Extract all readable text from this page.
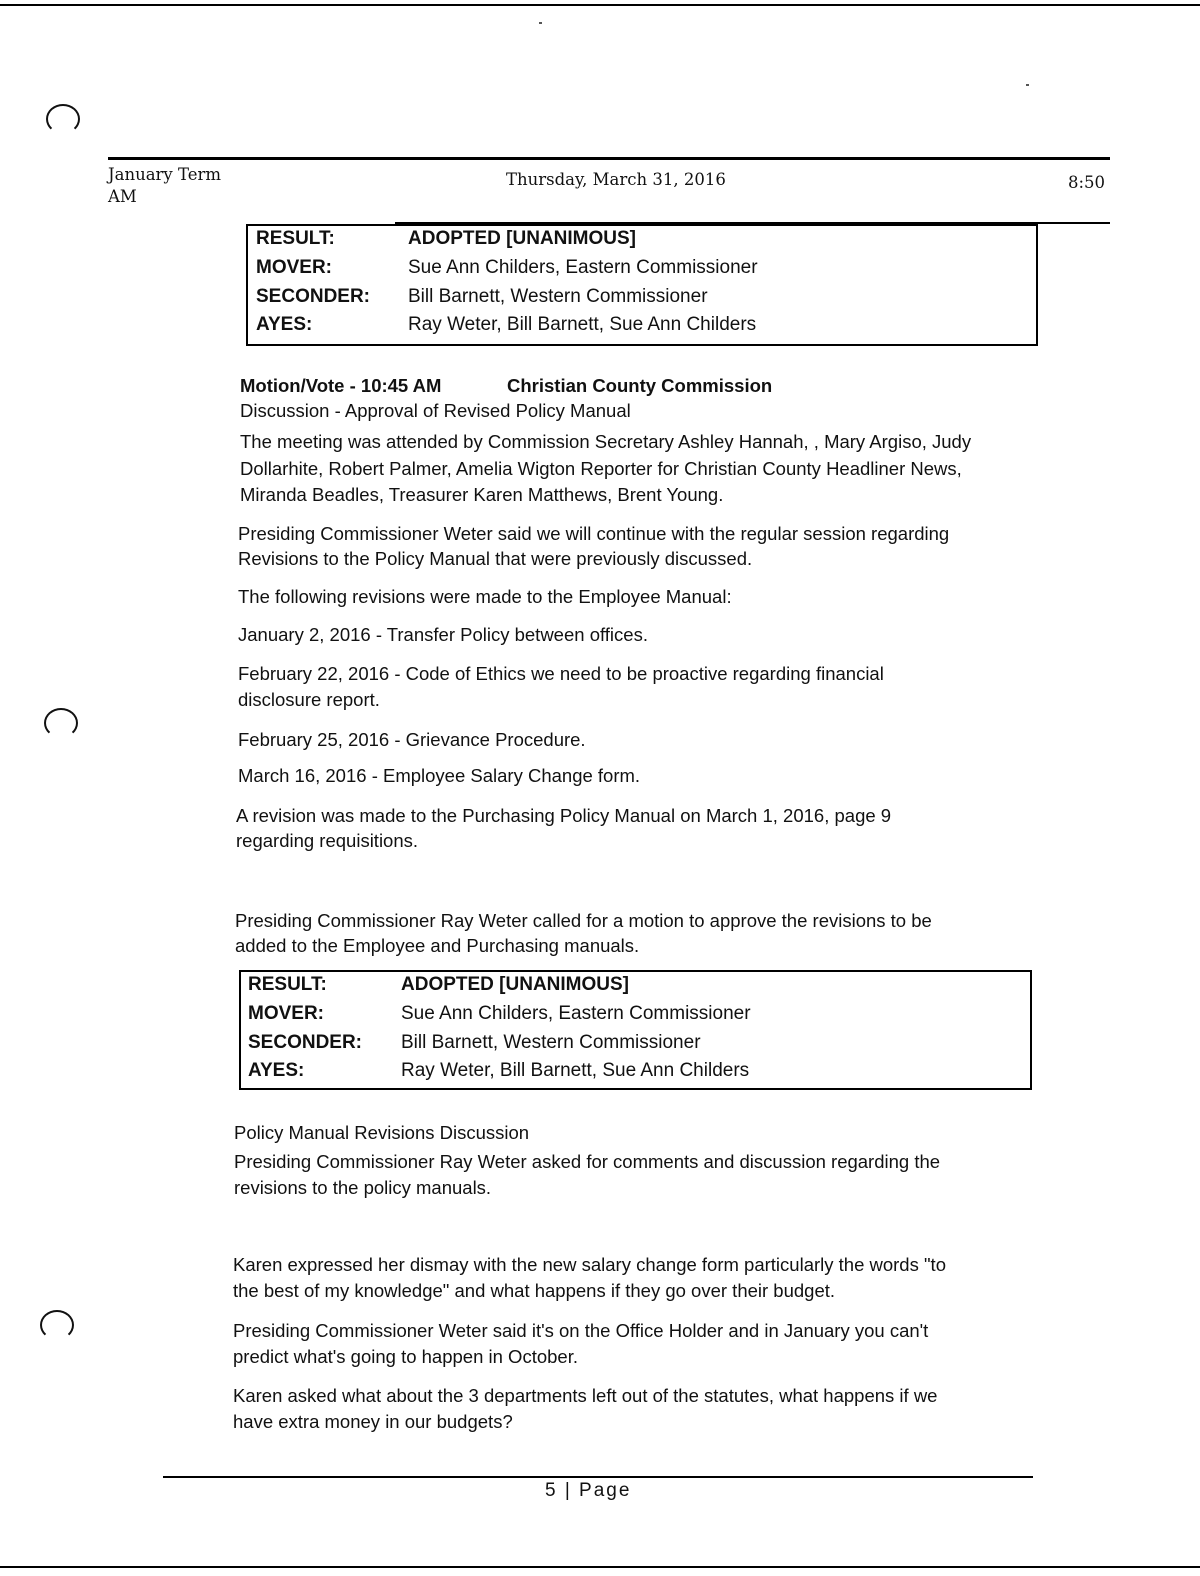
January Term
AM
Thursday, March 31, 2016	8:50
RESULT:	ADOPTED [UNANIMOUS]
MOVER:	Sue Ann Childers, Eastern Commissioner
SECONDER: Bill Barnett, Western Commissioner
AYES:	Ray Weter, Bill Barnett, Sue Ann Childers
Motion/Vote - 10:45 AM	Christian County Commission
Discussion - Approval of Revised Policy Manual
The meeting was attended by Commission Secretary Ashley Hannah, , Mary Argiso, Judy
Dollarhite, Robert Palmer, Amelia Wigton Reporter for Christian County Headliner News,
Miranda Beadles, Treasurer Karen Matthews, Brent Young.
Presiding Commissioner Weter said we will continue with the regular session regarding
Revisions to the Policy Manual that were previously discussed.
The following revisions were made to the Employee Manual:
January 2, 2016 - Transfer Policy between offices.
February 22, 2016 - Code of Ethics we need to be proactive regarding financial
disclosure report.
February 25, 2016 - Grievance Procedure.
March 16, 2016 - Employee Salary Change form.
A revision was made to the Purchasing Policy Manual on March 1, 2016, page 9
regarding requisitions.
Presiding Commissioner Ray Weter called for a motion to approve the revisions to be
added to the Employee and Purchasing manuals.
RESULT:	ADOPTED [UNANIMOUS]
MOVER:	Sue Ann Childers, Eastern Commissioner
SECONDER: Bill Barnett, Western Commissioner
AYES:	Ray Weter, Bill Barnett, Sue Ann Childers
Policy Manual Revisions Discussion
Presiding Commissioner Ray Weter asked for comments and discussion regarding the
revisions to the policy manuals.
Karen expressed her dismay with the new salary change form particularly the words "to
the best of my knowledge" and what happens if they go over their budget.
Presiding Commissioner Weter said it's on the Office Holder and in January you can't
predict what's going to happen in October.
Karen asked what about the 3 departments left out of the statutes, what happens if we
have extra money in our budgets?
5 | Page
